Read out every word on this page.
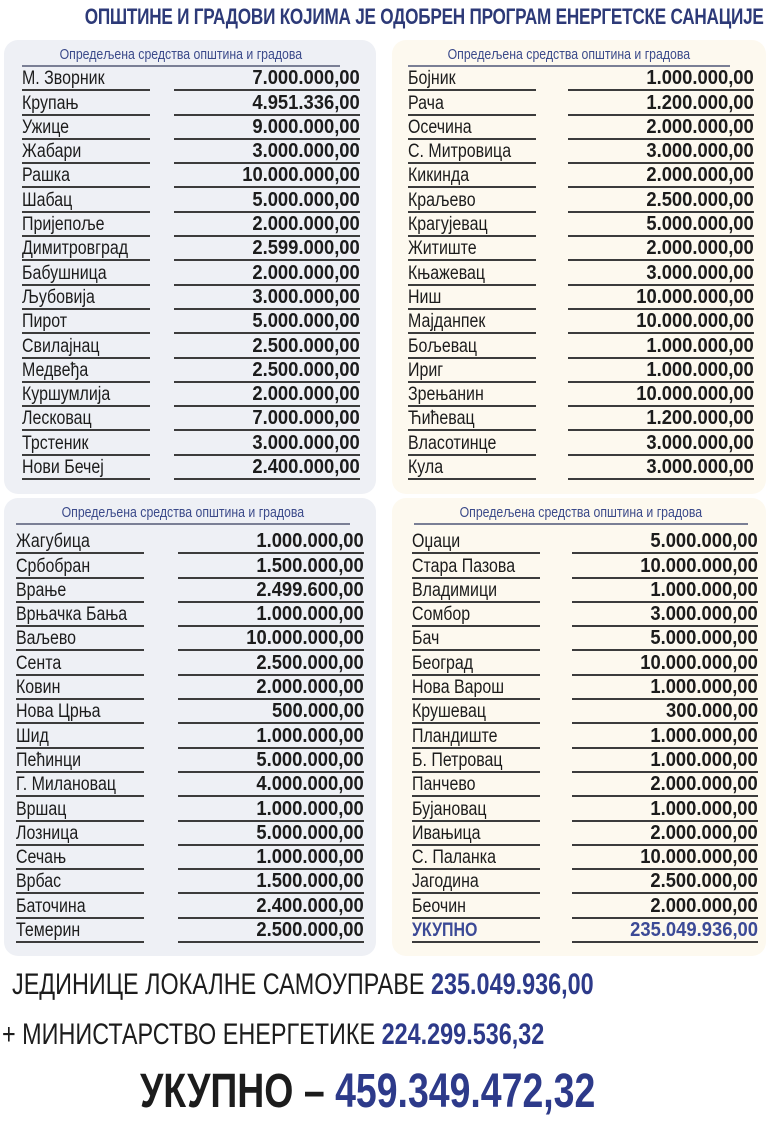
ОПШТИНЕ И ГРАДОВИ КОЈИМА ЈЕ ОДОБРЕН ПРОГРАМ ЕНЕРГЕТСКЕ САНАЦИЈЕ
Опредељена средства општина и градова
М. Зворник	7.000.000,00
Крупањ	4.951.336,00
Ужице	9.000.000,00
Жабари	3.000.000,00
Рашка	10.000.000,00
Шабац	5.000.000,00
Пријепоље	2.000.000,00
Димитровград	2.599.000,00
Бабушница	2.000.000,00
Љубовија	3.000.000,00
Пирот	5.000.000,00
Свилајнац	2.500.000,00
Медвеђа	2.500.000,00
Куршумлија	2.000.000,00
Лесковац	7.000.000,00
Трстеник	3.000.000,00
Нови Бечеј	2.400.000,00
Опредељена средства општина и градова
Бојник	1.000.000,00
Рача	1.200.000,00
Осечина	2.000.000,00
С. Митровица	3.000.000,00
Кикинда	2.000.000,00
Краљево	2.500.000,00
Крагујевац	5.000.000,00
Житиште	2.000.000,00
Књажевац	3.000.000,00
Ниш	10.000.000,00
Мајданпек	10.000.000,00
Бољевац	1.000.000,00
Ириг	1.000.000,00
Зрењанин	10.000.000,00
Ћићевац	1.200.000,00
Власотинце	3.000.000,00
Кула	3.000.000,00
Опредељена средства општина и градова
Жагубица	1.000.000,00
Србобран	1.500.000,00
Врање	2.499.600,00
Врњачка Бања	1.000.000,00
Ваљево	10.000.000,00
Сента	2.500.000,00
Ковин	2.000.000,00
Нова Црња	500.000,00
Шид	1.000.000,00
Пећинци	5.000.000,00
Г. Милановац	4.000.000,00
Вршац	1.000.000,00
Лозница	5.000.000,00
Сечањ	1.000.000,00
Врбас	1.500.000,00
Баточина	2.400.000,00
Темерин	2.500.000,00
Опредељена средства општина и градова
Оџаци	5.000.000,00
Стара Пазова	10.000.000,00
Владимици	1.000.000,00
Сомбор	3.000.000,00
Бач	5.000.000,00
Београд	10.000.000,00
Нова Варош	1.000.000,00
Крушевац	300.000,00
Пландиште	1.000.000,00
Б. Петровац	1.000.000,00
Панчево	2.000.000,00
Бујановац	1.000.000,00
Ивањица	2.000.000,00
С. Паланка	10.000.000,00
Јагодина	2.500.000,00
Беочин	2.000.000,00
УКУПНО	235.049.936,00
ЈЕДИНИЦЕ ЛОКАЛНЕ САМОУПРАВЕ 235.049.936,00
+ МИНИСТАРСТВО ЕНЕРГЕТИКЕ 224.299.536,32
УКУПНО – 459.349.472,32
